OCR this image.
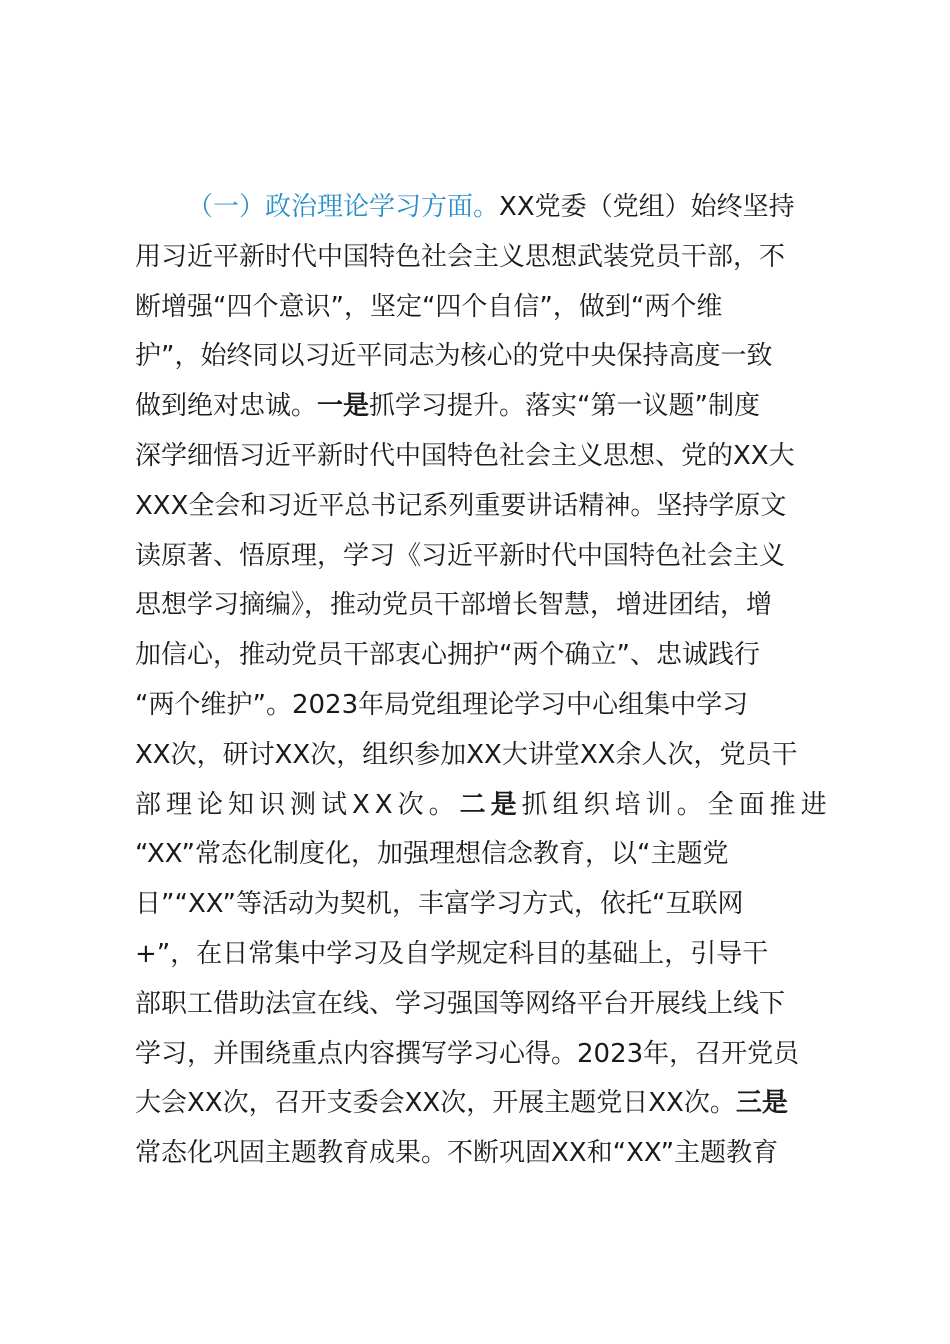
（一）政治理论学习方面。XX党委（党组）始终坚持
用习近平新时代中国特色社会主义思想武装党员干部，不
断增强“四个意识”，坚定“四个自信”，做到“两个维
护”，始终同以习近平同志为核心的党中央保持高度一致
做到绝对忠诚。一是抓学习提升。落实“第一议题”制度
深学细悟习近平新时代中国特色社会主义思想、党的XX大
XXX全会和习近平总书记系列重要讲话精神。坚持学原文
读原著、悟原理，学习《习近平新时代中国特色社会主义
思想学习摘编》，推动党员干部增长智慧，增进团结，增
加信心，推动党员干部衷心拥护“两个确立”、忠诚践行
“两个维护”。2023年局党组理论学习中心组集中学习
XX次，研讨XX次，组织参加XX大讲堂XX余人次，党员干
部理论知识测试XX次。二是抓组织培训。全面推进
“XX”常态化制度化，加强理想信念教育，以“主题党
日”“XX”等活动为契机，丰富学习方式，依托“互联网
+”，在日常集中学习及自学规定科目的基础上，引导干
部职工借助法宣在线、学习强国等网络平台开展线上线下
学习，并围绕重点内容撰写学习心得。2023年，召开党员
大会XX次，召开支委会XX次，开展主题党日XX次。三是
常态化巩固主题教育成果。不断巩固XX和“XX”主题教育
